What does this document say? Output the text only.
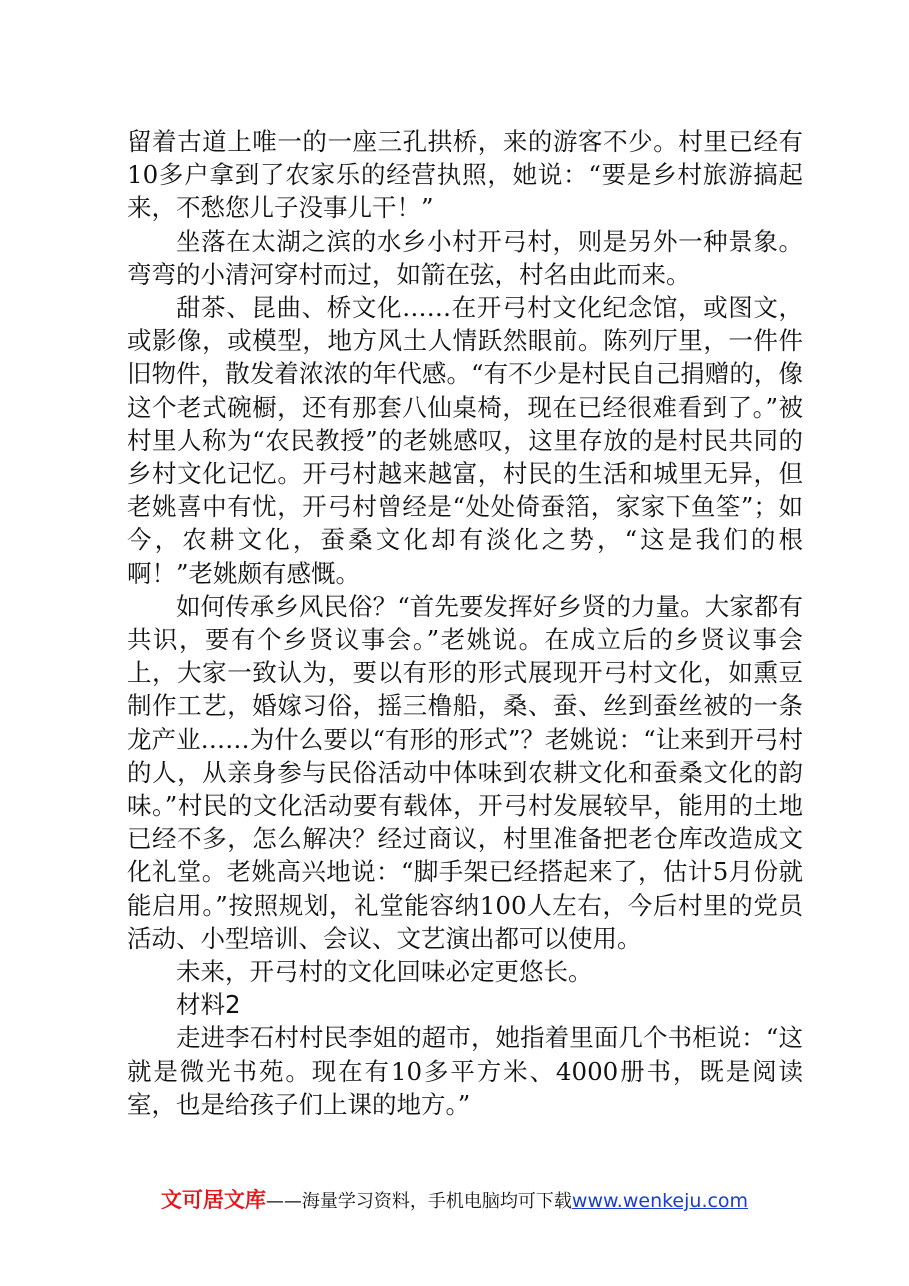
留着古道上唯一的一座三孔拱桥，来的游客不少。村里已经有10多户拿到了农家乐的经营执照，她说：“要是乡村旅游搞起来，不愁您儿子没事儿干！”

坐落在太湖之滨的水乡小村开弓村，则是另外一种景象。弯弯的小清河穿村而过，如箭在弦，村名由此而来。

甜茶、昆曲、桥文化……在开弓村文化纪念馆，或图文，或影像，或模型，地方风土人情跃然眼前。陈列厅里，一件件旧物件，散发着浓浓的年代感。“有不少是村民自己捐赠的，像这个老式碗橱，还有那套八仙桌椅，现在已经很难看到了。”被村里人称为“农民教授”的老姚感叹，这里存放的是村民共同的乡村文化记忆。开弓村越来越富，村民的生活和城里无异，但老姚喜中有忧，开弓村曾经是“处处倚蚕箔，家家下鱼筌”；如今，农耕文化，蚕桑文化却有淡化之势，“这是我们的根啊！”老姚颇有感慨。

如何传承乡风民俗？“首先要发挥好乡贤的力量。大家都有共识，要有个乡贤议事会。”老姚说。在成立后的乡贤议事会上，大家一致认为，要以有形的形式展现开弓村文化，如熏豆制作工艺，婚嫁习俗，摇三橹船，桑、蚕、丝到蚕丝被的一条龙产业……为什么要以“有形的形式”？老姚说：“让来到开弓村的人，从亲身参与民俗活动中体味到农耕文化和蚕桑文化的韵味。”村民的文化活动要有载体，开弓村发展较早，能用的土地已经不多，怎么解决？经过商议，村里准备把老仓库改造成文化礼堂。老姚高兴地说：“脚手架已经搭起来了，估计5月份就能启用。”按照规划，礼堂能容纳100人左右，今后村里的党员活动、小型培训、会议、文艺演出都可以使用。

未来，开弓村的文化回味必定更悠长。

材料2

走进李石村村民李姐的超市，她指着里面几个书柜说：“这就是微光书苑。现在有10多平方米、4000册书，既是阅读室，也是给孩子们上课的地方。”

文可居文库——海量学习资料，手机电脑均可下载www.wenkeju.com
